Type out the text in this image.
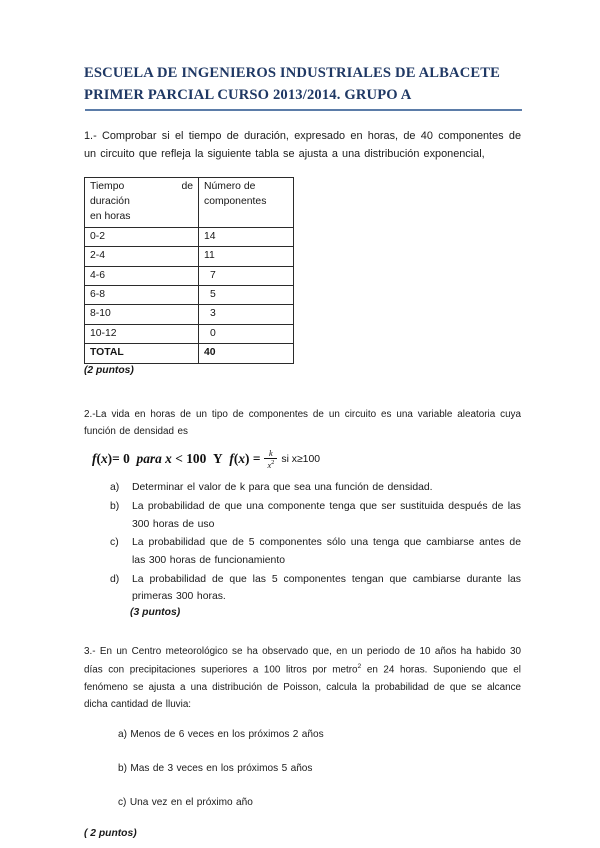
ESCUELA DE INGENIEROS INDUSTRIALES DE ALBACETE PRIMER PARCIAL CURSO 2013/2014. GRUPO A

1.- Comprobar si el tiempo de duración, expresado en horas, de 40 componentes de un circuito que refleja la siguiente tabla se ajusta a una distribución exponencial,

Tiempo de
duración
en horas	Número de componentes
0-2	14
2-4	11
4-6	7
6-8	5
8-10	3
10-12	0
TOTAL	40

(2 puntos)

2.-La vida en horas de un tipo de componentes de un circuito es una variable aleatoria cuya función de densidad es

f(x)= 0
para
x < 100
Y
$f(x) = \frac{k}{x^2}$ si x≥100
Determinar el valor de k para que sea una función de densidad.
La probabilidad de que una componente tenga que ser sustituida después de las 300 horas de uso
La probabilidad que de 5 componentes sólo una tenga que cambiarse antes de las 300 horas de funcionamiento
La probabilidad de que las 5 componentes tengan que cambiarse durante las primeras 300 horas.

(3 puntos)

3.- En un Centro meteorológico se ha observado que, en un periodo de 10 años ha habido 30 días con precipitaciones superiores a 100 litros por metro$^2$ en 24 horas. Suponiendo que el fenómeno se ajusta a una distribución de Poisson, calcula la probabilidad de que se alcance dicha cantidad de lluvia:

a) Menos de 6 veces en los próximos 2 años
b) Mas de 3 veces en los próximos 5 años
c) Una vez en el próximo año

( 2 puntos)
